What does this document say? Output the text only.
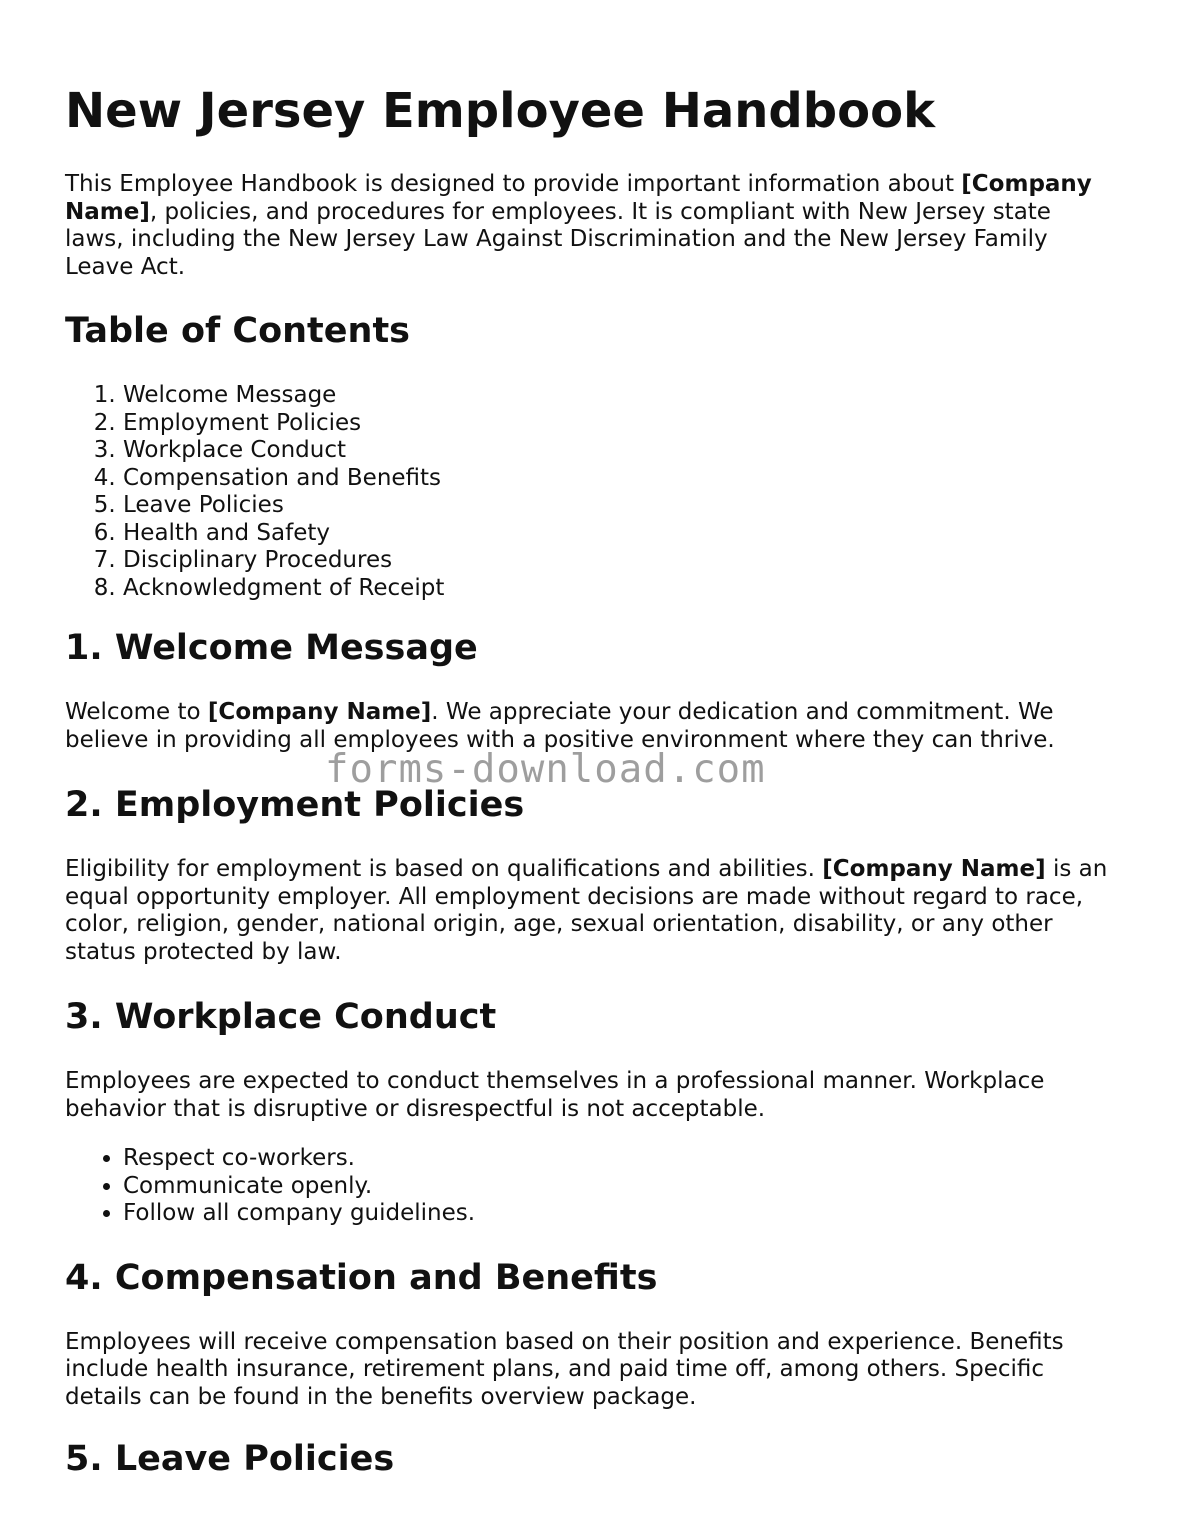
New Jersey Employee Handbook

This Employee Handbook is designed to provide important information about [Company Name], policies, and procedures for employees. It is compliant with New Jersey state laws, including the New Jersey Law Against Discrimination and the New Jersey Family Leave Act.

Table of Contents
1. Welcome Message
2. Employment Policies
3. Workplace Conduct
4. Compensation and Benefits
5. Leave Policies
6. Health and Safety
7. Disciplinary Procedures
8. Acknowledgment of Receipt
1. Welcome Message

Welcome to [Company Name]. We appreciate your dedication and commitment. We believe in providing all employees with a positive environment where they can thrive.

2. Employment Policies

Eligibility for employment is based on qualifications and abilities. [Company Name] is an equal opportunity employer. All employment decisions are made without regard to race, color, religion, gender, national origin, age, sexual orientation, disability, or any other status protected by law.

3. Workplace Conduct

Employees are expected to conduct themselves in a professional manner. Workplace behavior that is disruptive or disrespectful is not acceptable.

• Respect co-workers.
• Communicate openly.
• Follow all company guidelines.
4. Compensation and Benefits

Employees will receive compensation based on their position and experience. Benefits include health insurance, retirement plans, and paid time off, among others. Specific details can be found in the benefits overview package.

5. Leave Policies
forms-download.com
